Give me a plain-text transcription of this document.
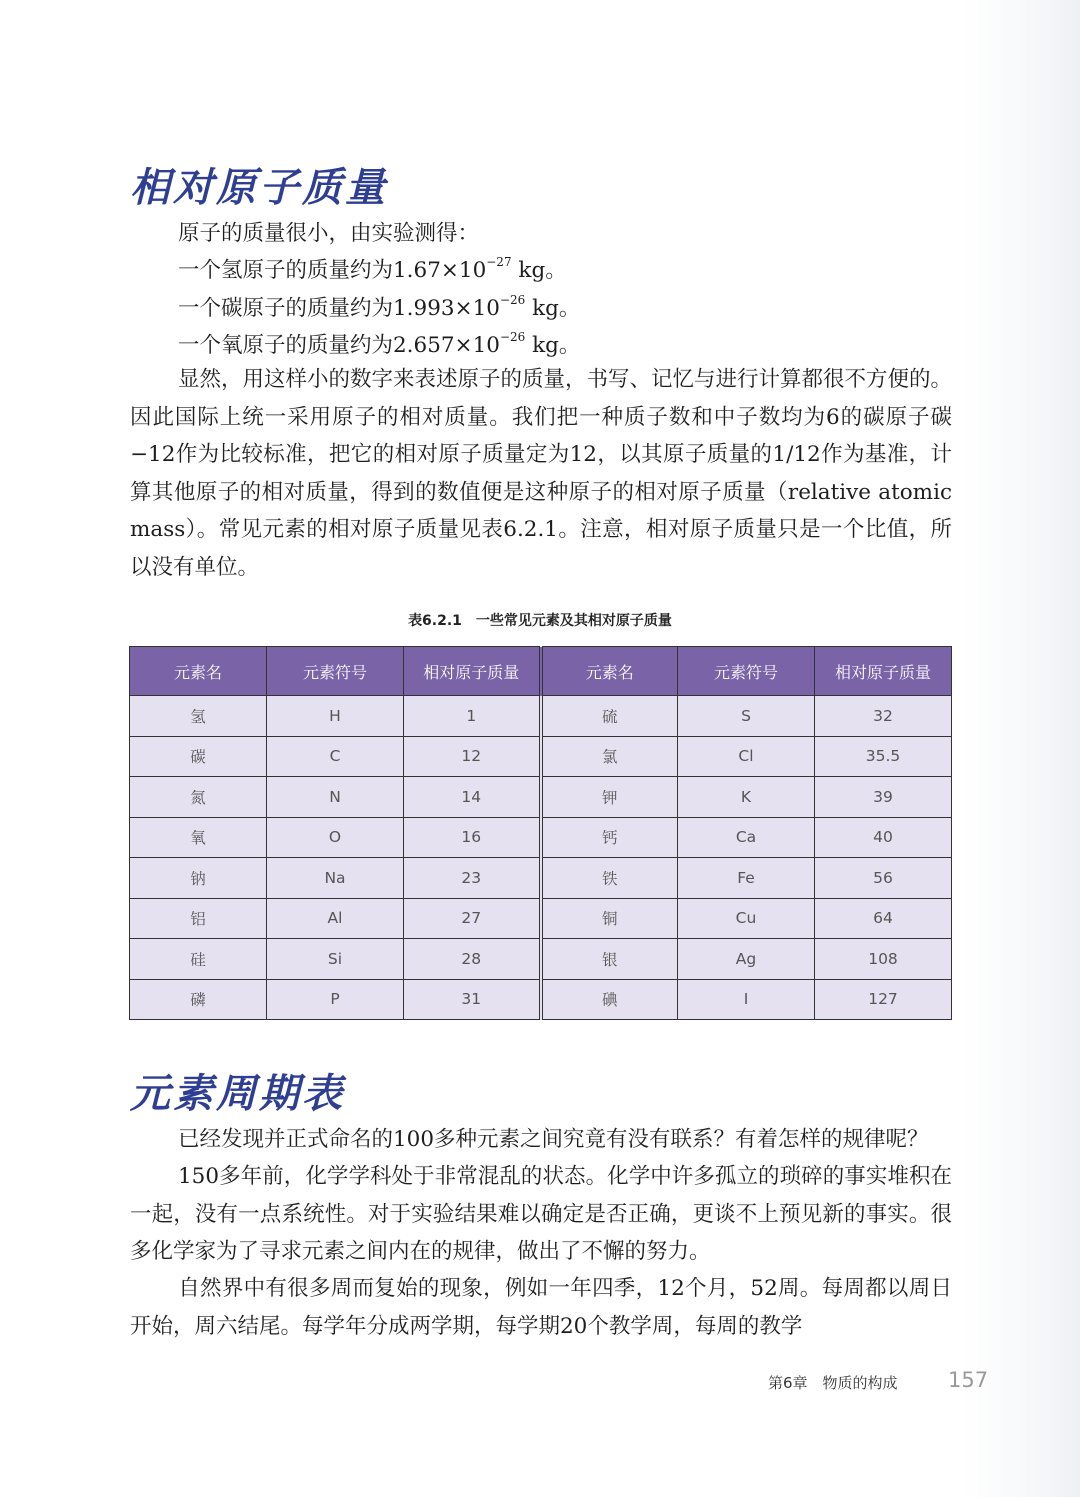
相对原子质量
原子的质量很小，由实验测得：
一个氢原子的质量约为$1.67\times 10^{-27}$ kg。
一个碳原子的质量约为$1.993\times 10^{-26}$ kg。
一个氧原子的质量约为$2.657\times 10^{-26}$ kg。
显然，用这样小的数字来表述原子的质量，书写、记忆与进行计算都很不方便的。因此国际上统一采用原子的相对质量。我们把一种质子数和中子数均为6的碳原子碳−12作为比较标准，把它的相对原子质量定为12，以其原子质量的1/12作为基准，计算其他原子的相对质量，得到的数值便是这种原子的相对原子质量（relative atomic mass）。常见元素的相对原子质量见表6.2.1。注意，相对原子质量只是一个比值，所以没有单位。
表6.2.1　一些常见元素及其相对原子质量
元素名	元素符号	相对原子质量	元素名	元素符号	相对原子质量
氢	H	1	硫	S	32
碳	C	12	氯	Cl	35.5
氮	N	14	钾	K	39
氧	O	16	钙	Ca	40
钠	Na	23	铁	Fe	56
铝	Al	27	铜	Cu	64
硅	Si	28	银	Ag	108
磷	P	31	碘	I	127
元素周期表
已经发现并正式命名的100多种元素之间究竟有没有联系？有着怎样的规律呢？
150多年前，化学学科处于非常混乱的状态。化学中许多孤立的琐碎的事实堆积在一起，没有一点系统性。对于实验结果难以确定是否正确，更谈不上预见新的事实。很多化学家为了寻求元素之间内在的规律，做出了不懈的努力。
自然界中有很多周而复始的现象，例如一年四季，12个月，52周。每周都以周日开始，周六结尾。每学年分成两学期，每学期20个教学周，每周的教学
第6章　物质的构成 157
